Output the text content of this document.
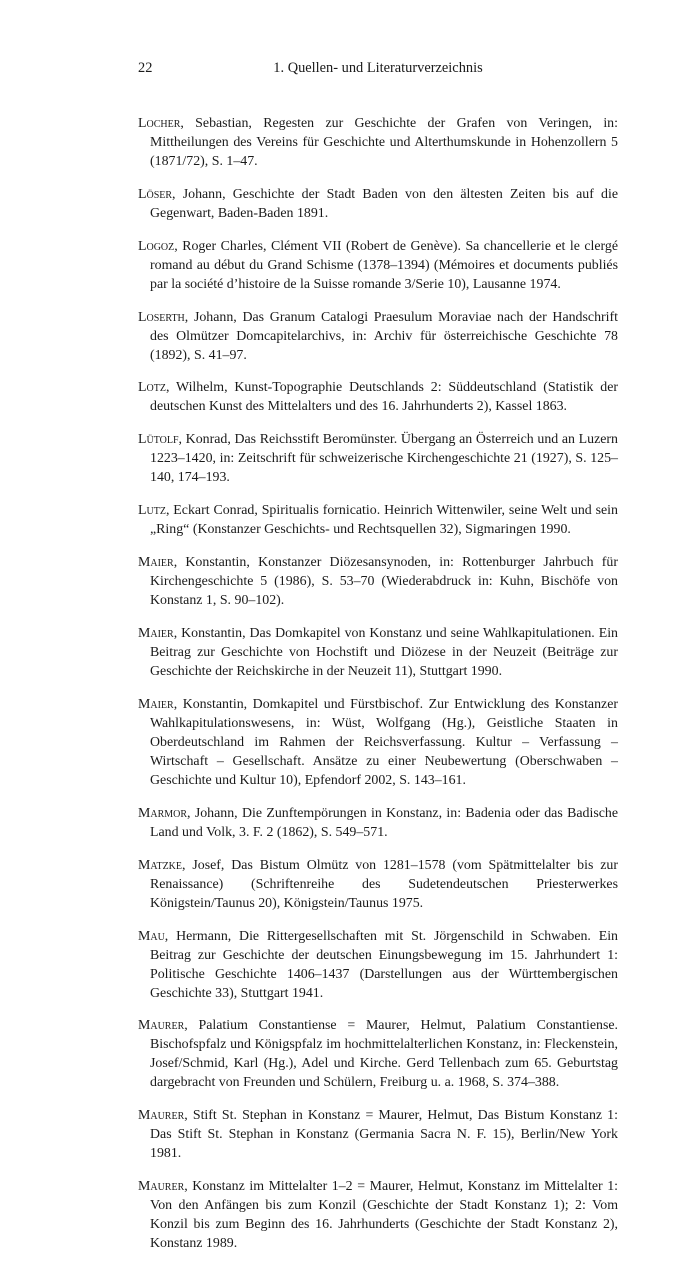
22	1. Quellen- und Literaturverzeichnis

Locher, Sebastian, Regesten zur Geschichte der Grafen von Veringen, in: Mittheilungen des Vereins für Geschichte und Alterthumskunde in Hohenzollern 5 (1871/72), S. 1–47.

Löser, Johann, Geschichte der Stadt Baden von den ältesten Zeiten bis auf die Gegenwart, Baden-Baden 1891.

Logoz, Roger Charles, Clément VII (Robert de Genève). Sa chancellerie et le clergé romand au début du Grand Schisme (1378–1394) (Mémoires et documents publiés par la société d’histoire de la Suisse romande 3/Serie 10), Lausanne 1974.

Loserth, Johann, Das Granum Catalogi Praesulum Moraviae nach der Handschrift des Olmützer Domcapitelarchivs, in: Archiv für österreichische Geschichte 78 (1892), S. 41–97.

Lotz, Wilhelm, Kunst-Topographie Deutschlands 2: Süddeutschland (Statistik der deutschen Kunst des Mittelalters und des 16. Jahrhunderts 2), Kassel 1863.

Lütolf, Konrad, Das Reichsstift Beromünster. Übergang an Österreich und an Luzern 1223–1420, in: Zeitschrift für schweizerische Kirchengeschichte 21 (1927), S. 125–140, 174–193.

Lutz, Eckart Conrad, Spiritualis fornicatio. Heinrich Wittenwiler, seine Welt und sein „Ring“ (Konstanzer Geschichts- und Rechtsquellen 32), Sigmaringen 1990.

Maier, Konstantin, Konstanzer Diözesansynoden, in: Rottenburger Jahrbuch für Kirchengeschichte 5 (1986), S. 53–70 (Wiederabdruck in: Kuhn, Bischöfe von Konstanz 1, S. 90–102).

Maier, Konstantin, Das Domkapitel von Konstanz und seine Wahlkapitulationen. Ein Beitrag zur Geschichte von Hochstift und Diözese in der Neuzeit (Beiträge zur Geschichte der Reichskirche in der Neuzeit 11), Stuttgart 1990.

Maier, Konstantin, Domkapitel und Fürstbischof. Zur Entwicklung des Konstanzer Wahlkapitulationswesens, in: Wüst, Wolfgang (Hg.), Geistliche Staaten in Oberdeutschland im Rahmen der Reichsverfassung. Kultur – Verfassung – Wirtschaft – Gesellschaft. Ansätze zu einer Neubewertung (Oberschwaben – Geschichte und Kultur 10), Epfendorf 2002, S. 143–161.

Marmor, Johann, Die Zunftempörungen in Konstanz, in: Badenia oder das Badische Land und Volk, 3. F. 2 (1862), S. 549–571.

Matzke, Josef, Das Bistum Olmütz von 1281–1578 (vom Spätmittelalter bis zur Renaissance) (Schriftenreihe des Sudetendeutschen Priesterwerkes Königstein/Taunus 20), Königstein/Taunus 1975.

Mau, Hermann, Die Rittergesellschaften mit St. Jörgenschild in Schwaben. Ein Beitrag zur Geschichte der deutschen Einungsbewegung im 15. Jahrhundert 1: Politische Geschichte 1406–1437 (Darstellungen aus der Württembergischen Geschichte 33), Stuttgart 1941.

Maurer, Palatium Constantiense = Maurer, Helmut, Palatium Constantiense. Bischofspfalz und Königspfalz im hochmittelalterlichen Konstanz, in: Fleckenstein, Josef/Schmid, Karl (Hg.), Adel und Kirche. Gerd Tellenbach zum 65. Geburtstag dargebracht von Freunden und Schülern, Freiburg u. a. 1968, S. 374–388.

Maurer, Stift St. Stephan in Konstanz = Maurer, Helmut, Das Bistum Konstanz 1: Das Stift St. Stephan in Konstanz (Germania Sacra N. F. 15), Berlin/New York 1981.

Maurer, Konstanz im Mittelalter 1–2 = Maurer, Helmut, Konstanz im Mittelalter 1: Von den Anfängen bis zum Konzil (Geschichte der Stadt Konstanz 1); 2: Vom Konzil bis zum Beginn des 16. Jahrhunderts (Geschichte der Stadt Konstanz 2), Konstanz 1989.
